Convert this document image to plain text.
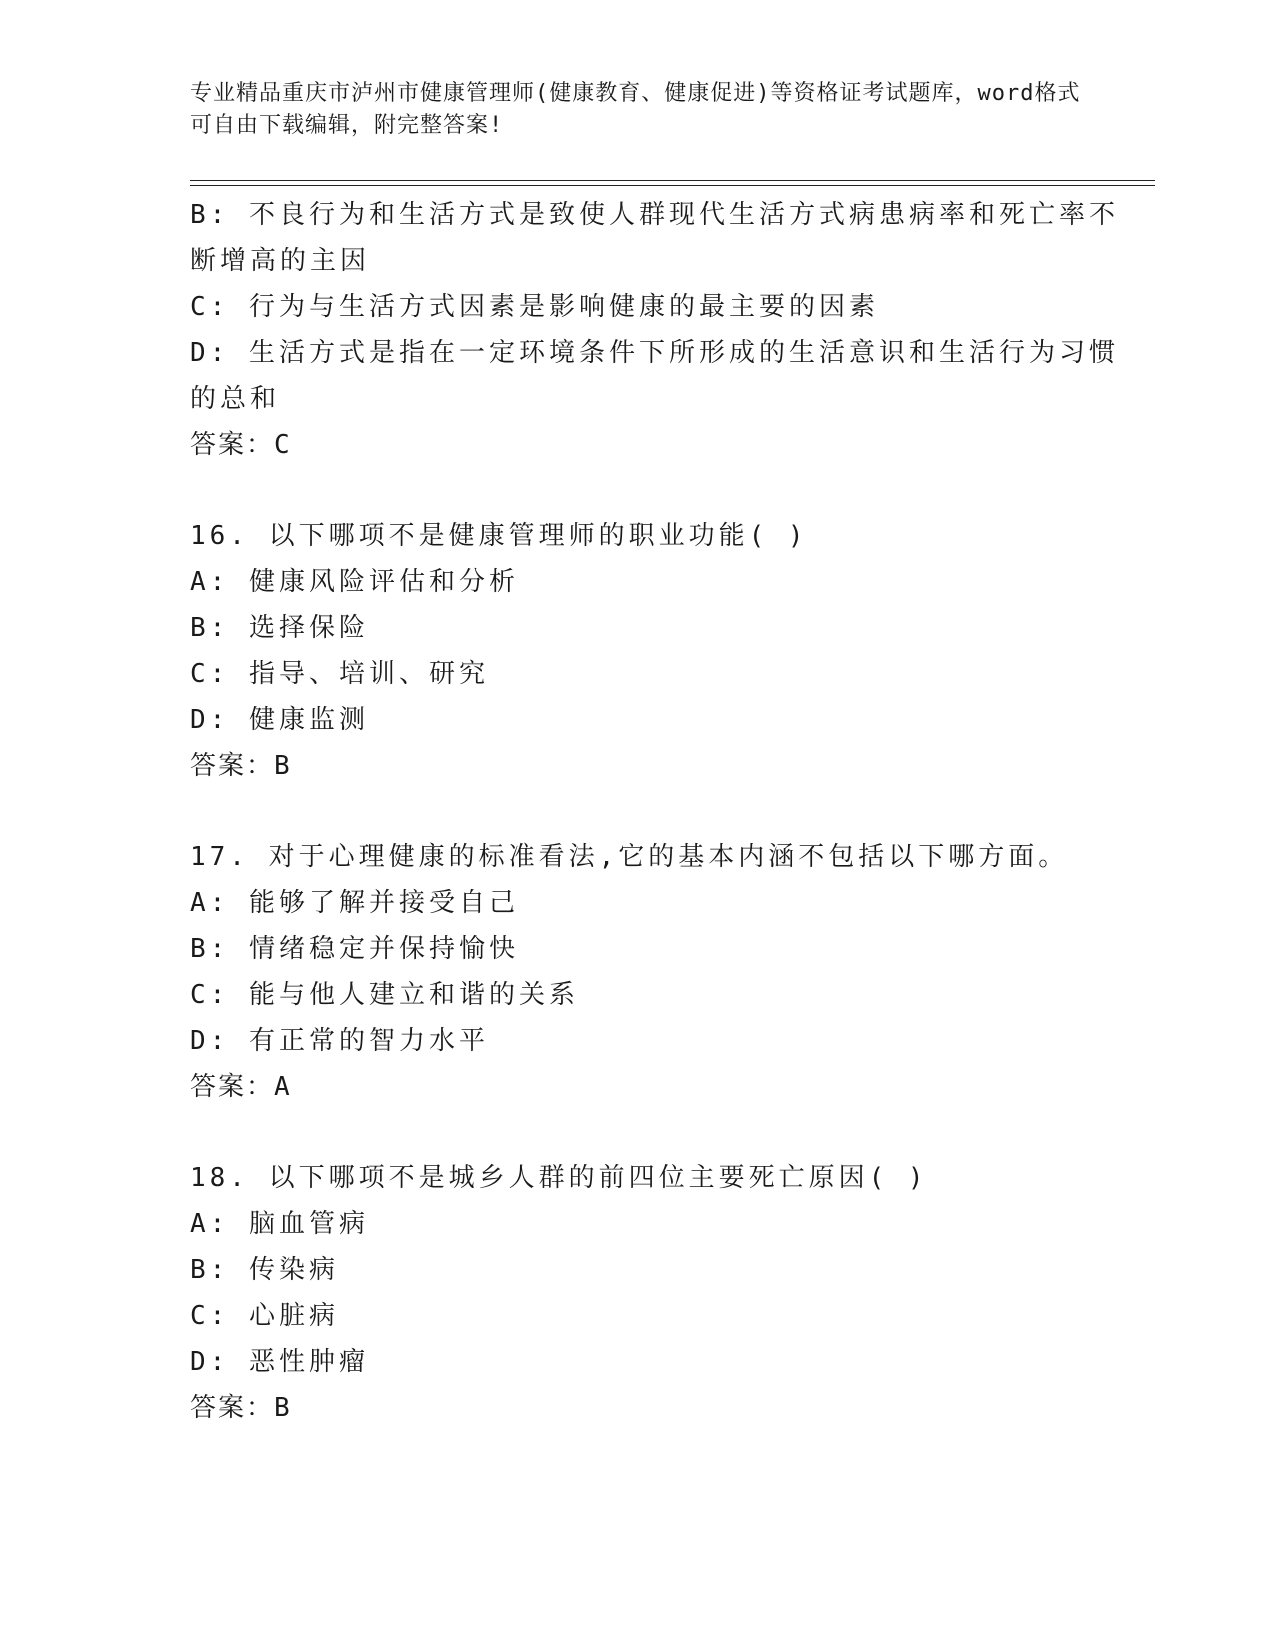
专业精品重庆市泸州市健康管理师(健康教育、健康促进)等资格证考试题库，word格式可自由下载编辑，附完整答案!
B: 不良行为和生活方式是致使人群现代生活方式病患病率和死亡率不
断增高的主因
C: 行为与生活方式因素是影响健康的最主要的因素
D: 生活方式是指在一定环境条件下所形成的生活意识和生活行为习惯
的总和
答案：C
16. 以下哪项不是健康管理师的职业功能( )
A: 健康风险评估和分析
B: 选择保险
C: 指导、培训、研究
D: 健康监测
答案：B
17. 对于心理健康的标准看法,它的基本内涵不包括以下哪方面。
A: 能够了解并接受自己
B: 情绪稳定并保持愉快
C: 能与他人建立和谐的关系
D: 有正常的智力水平
答案：A
18. 以下哪项不是城乡人群的前四位主要死亡原因( )
A: 脑血管病
B: 传染病
C: 心脏病
D: 恶性肿瘤
答案：B
